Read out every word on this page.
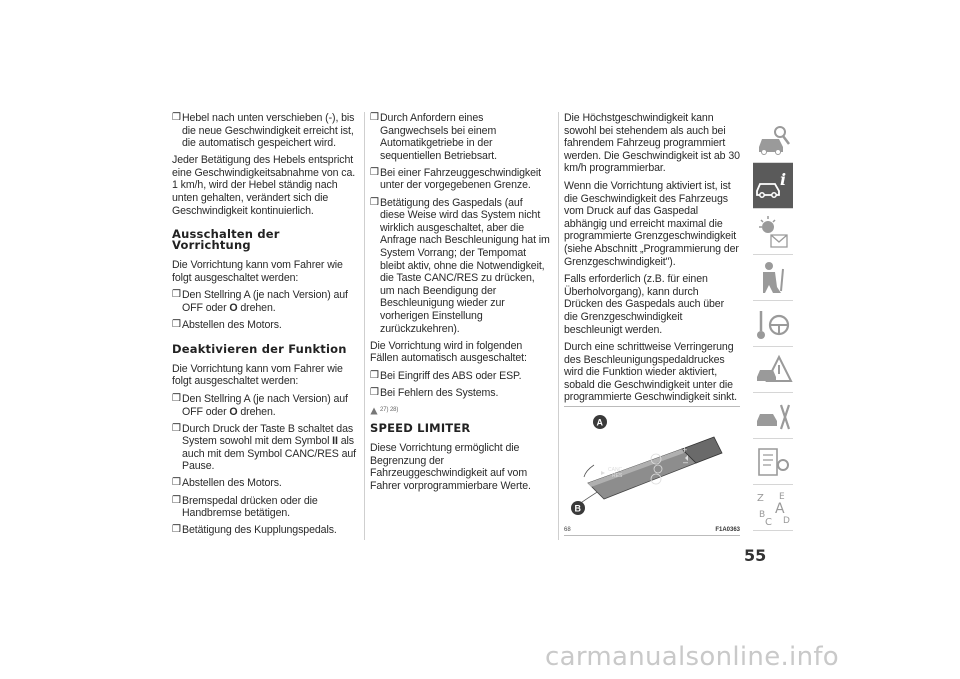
❒ Hebel nach unten verschieben (-), bis die neue Geschwindigkeit erreicht ist, die automatisch gespeichert wird.
Jeder Betätigung des Hebels entspricht eine Geschwindigkeitsabnahme von ca. 1 km/h, wird der Hebel ständig nach unten gehalten, verändert sich die Geschwindigkeit kontinuierlich.
Ausschalten der Vorrichtung
Die Vorrichtung kann vom Fahrer wie folgt ausgeschaltet werden:
❒ Den Stellring A (je nach Version) auf OFF oder O drehen.
❒ Abstellen des Motors.
Deaktivieren der Funktion
Die Vorrichtung kann vom Fahrer wie folgt ausgeschaltet werden:
❒ Den Stellring A (je nach Version) auf OFF oder O drehen.
❒ Durch Druck der Taste B schaltet das System sowohl mit dem Symbol II als auch mit dem Symbol CANC/RES auf Pause.
❒ Abstellen des Motors.
❒ Bremspedal drücken oder die Handbremse betätigen.
❒ Betätigung des Kupplungspedals.
❒ Durch Anfordern eines Gangwechsels bei einem Automatikgetriebe in der sequentiellen Betriebsart.
❒ Bei einer Fahrzeuggeschwindigkeit unter der vorgegebenen Grenze.
❒ Betätigung des Gaspedals (auf diese Weise wird das System nicht wirklich ausgeschaltet, aber die Anfrage nach Beschleunigung hat im System Vorrang; der Tempomat bleibt aktiv, ohne die Notwendigkeit, die Taste CANC/RES zu drücken, um nach Beendigung der Beschleunigung wieder zur vorherigen Einstellung zurückzukehren).
Die Vorrichtung wird in folgenden Fällen automatisch ausgeschaltet:
❒ Bei Eingriff des ABS oder ESP.
❒ Bei Fehlern des Systems.
27) 28)
SPEED LIMITER
Diese Vorrichtung ermöglicht die Begrenzung der Fahrzeuggeschwindigkeit auf vom Fahrer vorprogrammierbare Werte.
Die Höchstgeschwindigkeit kann sowohl bei stehendem als auch bei fahrendem Fahrzeug programmiert werden. Die Geschwindigkeit ist ab 30 km/h programmierbar.
Wenn die Vorrichtung aktiviert ist, ist die Geschwindigkeit des Fahrzeugs vom Druck auf das Gaspedal abhängig und erreicht maximal die programmierte Grenzgeschwindigkeit (siehe Abschnitt „Programmierung der Grenzgeschwindigkeit").
Falls erforderlich (z.B. für einen Überholvorgang), kann durch Drücken des Gaspedals auch über die Grenzgeschwindigkeit beschleunigt werden.
Durch eine schrittweise Verringerung des Beschleunigungspedaldruckes wird die Funktion wieder aktiviert, sobald die Geschwindigkeit unter die programmierte Geschwindigkeit sinkt.
CANC
RES
+
–
A
B
68	F1A0363
i
Z E
A
B
C D
55
carmanualsonline.info
